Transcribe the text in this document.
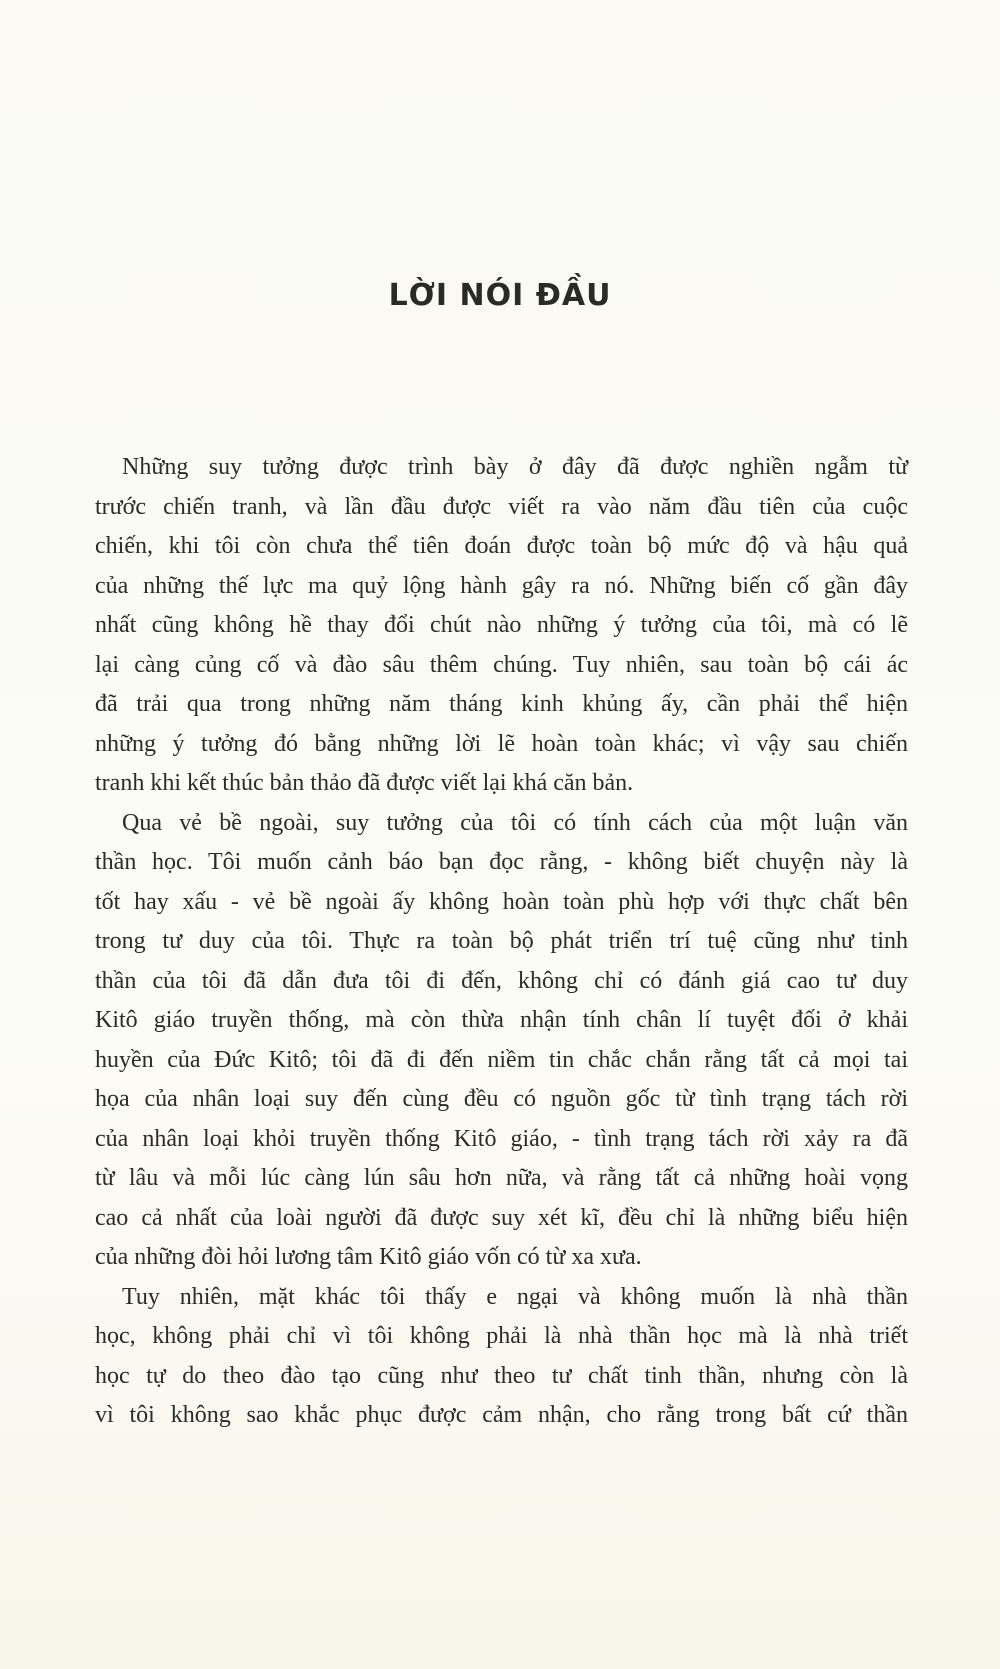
LỜI NÓI ĐẦU
Những suy tưởng được trình bày ở đây đã được nghiền ngẫm từ
trước chiến tranh, và lần đầu được viết ra vào năm đầu tiên của cuộc
chiến, khi tôi còn chưa thể tiên đoán được toàn bộ mức độ và hậu quả
của những thế lực ma quỷ lộng hành gây ra nó. Những biến cố gần đây
nhất cũng không hề thay đổi chút nào những ý tưởng của tôi, mà có lẽ
lại càng củng cố và đào sâu thêm chúng. Tuy nhiên, sau toàn bộ cái ác
đã trải qua trong những năm tháng kinh khủng ấy, cần phải thể hiện
những ý tưởng đó bằng những lời lẽ hoàn toàn khác; vì vậy sau chiến
tranh khi kết thúc bản thảo đã được viết lại khá căn bản.
Qua vẻ bề ngoài, suy tưởng của tôi có tính cách của một luận văn
thần học. Tôi muốn cảnh báo bạn đọc rằng, - không biết chuyện này là
tốt hay xấu - vẻ bề ngoài ấy không hoàn toàn phù hợp với thực chất bên
trong tư duy của tôi. Thực ra toàn bộ phát triển trí tuệ cũng như tinh
thần của tôi đã dẫn đưa tôi đi đến, không chỉ có đánh giá cao tư duy
Kitô giáo truyền thống, mà còn thừa nhận tính chân lí tuyệt đối ở khải
huyền của Đức Kitô; tôi đã đi đến niềm tin chắc chắn rằng tất cả mọi tai
họa của nhân loại suy đến cùng đều có nguồn gốc từ tình trạng tách rời
của nhân loại khỏi truyền thống Kitô giáo, - tình trạng tách rời xảy ra đã
từ lâu và mỗi lúc càng lún sâu hơn nữa, và rằng tất cả những hoài vọng
cao cả nhất của loài người đã được suy xét kĩ, đều chỉ là những biểu hiện
của những đòi hỏi lương tâm Kitô giáo vốn có từ xa xưa.
Tuy nhiên, mặt khác tôi thấy e ngại và không muốn là nhà thần
học, không phải chỉ vì tôi không phải là nhà thần học mà là nhà triết
học tự do theo đào tạo cũng như theo tư chất tinh thần, nhưng còn là
vì tôi không sao khắc phục được cảm nhận, cho rằng trong bất cứ thần
